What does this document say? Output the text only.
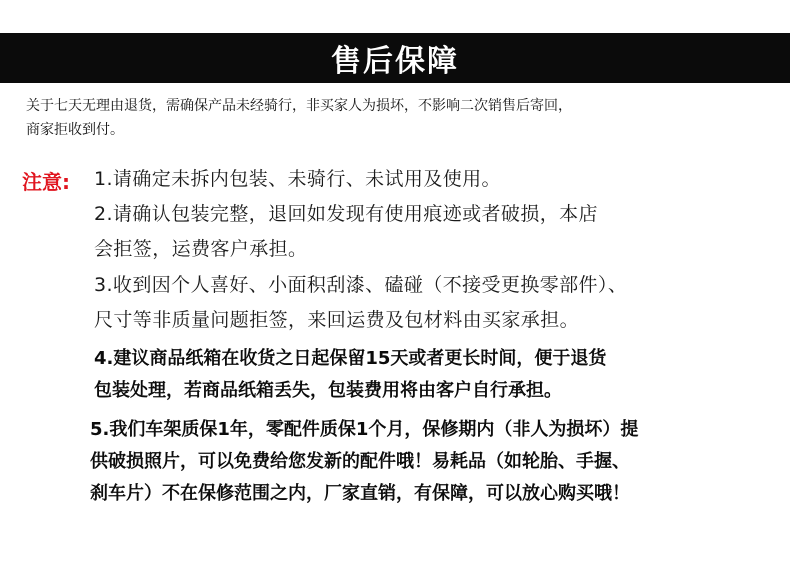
售后保障
关于七天无理由退货，需确保产品未经骑行，非买家人为损坏，不影响二次销售后寄回，
商家拒收到付。
注意: 1.请确定未拆内包装、未骑行、未试用及使用。
2.请确认包装完整，退回如发现有使用痕迹或者破损，本店
会拒签，运费客户承担。
3.收到因个人喜好、小面积刮漆、磕碰（不接受更换零部件）、
尺寸等非质量问题拒签，来回运费及包材料由买家承担。
4.建议商品纸箱在收货之日起保留15天或者更长时间，便于退货
包装处理，若商品纸箱丢失，包装费用将由客户自行承担。
5.我们车架质保1年，零配件质保1个月，保修期内（非人为损坏）提
供破损照片，可以免费给您发新的配件哦！易耗品（如轮胎、手握、
刹车片）不在保修范围之内，厂家直销，有保障，可以放心购买哦！
